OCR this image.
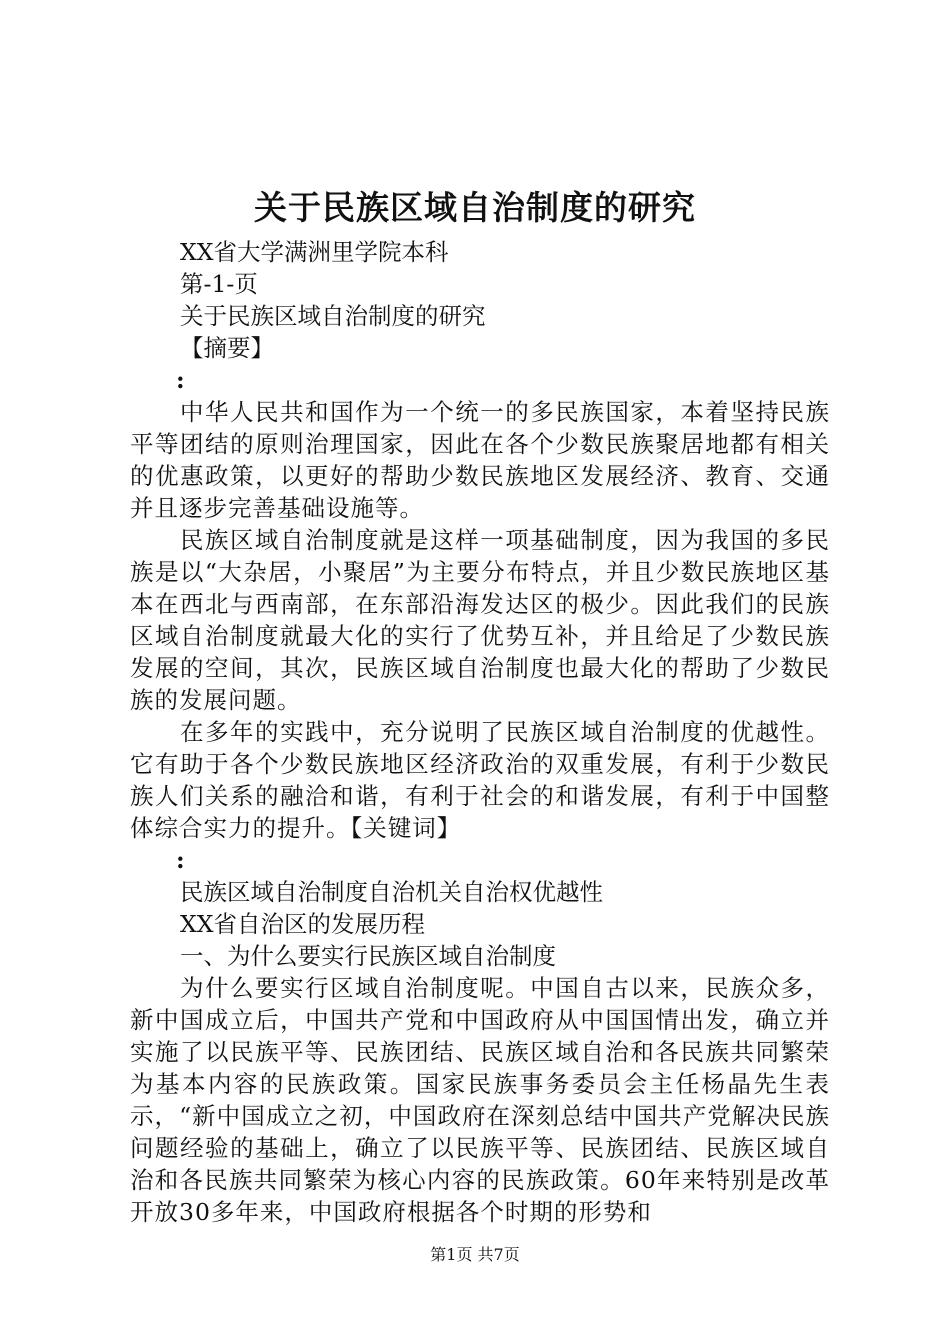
关于民族区域自治制度的研究

XX省大学满洲里学院本科

第-1-页

关于民族区域自治制度的研究

【摘要】

:

中华人民共和国作为一个统一的多民族国家，本着坚持民族平等团结的原则治理国家，因此在各个少数民族聚居地都有相关的优惠政策，以更好的帮助少数民族地区发展经济、教育、交通并且逐步完善基础设施等。

民族区域自治制度就是这样一项基础制度，因为我国的多民族是以“大杂居，小聚居”为主要分布特点，并且少数民族地区基本在西北与西南部，在东部沿海发达区的极少。因此我们的民族区域自治制度就最大化的实行了优势互补，并且给足了少数民族发展的空间，其次，民族区域自治制度也最大化的帮助了少数民族的发展问题。

在多年的实践中，充分说明了民族区域自治制度的优越性。它有助于各个少数民族地区经济政治的双重发展，有利于少数民族人们关系的融洽和谐，有利于社会的和谐发展，有利于中国整体综合实力的提升。【关键词】

:

民族区域自治制度自治机关自治权优越性

XX省自治区的发展历程

一、为什么要实行民族区域自治制度

为什么要实行区域自治制度呢。中国自古以来，民族众多，新中国成立后，中国共产党和中国政府从中国国情出发，确立并实施了以民族平等、民族团结、民族区域自治和各民族共同繁荣为基本内容的民族政策。国家民族事务委员会主任杨晶先生表示，“新中国成立之初，中国政府在深刻总结中国共产党解决民族问题经验的基础上，确立了以民族平等、民族团结、民族区域自治和各民族共同繁荣为核心内容的民族政策。60年来特别是改革开放30多年来，中国政府根据各个时期的形势和

第1页 共7页
